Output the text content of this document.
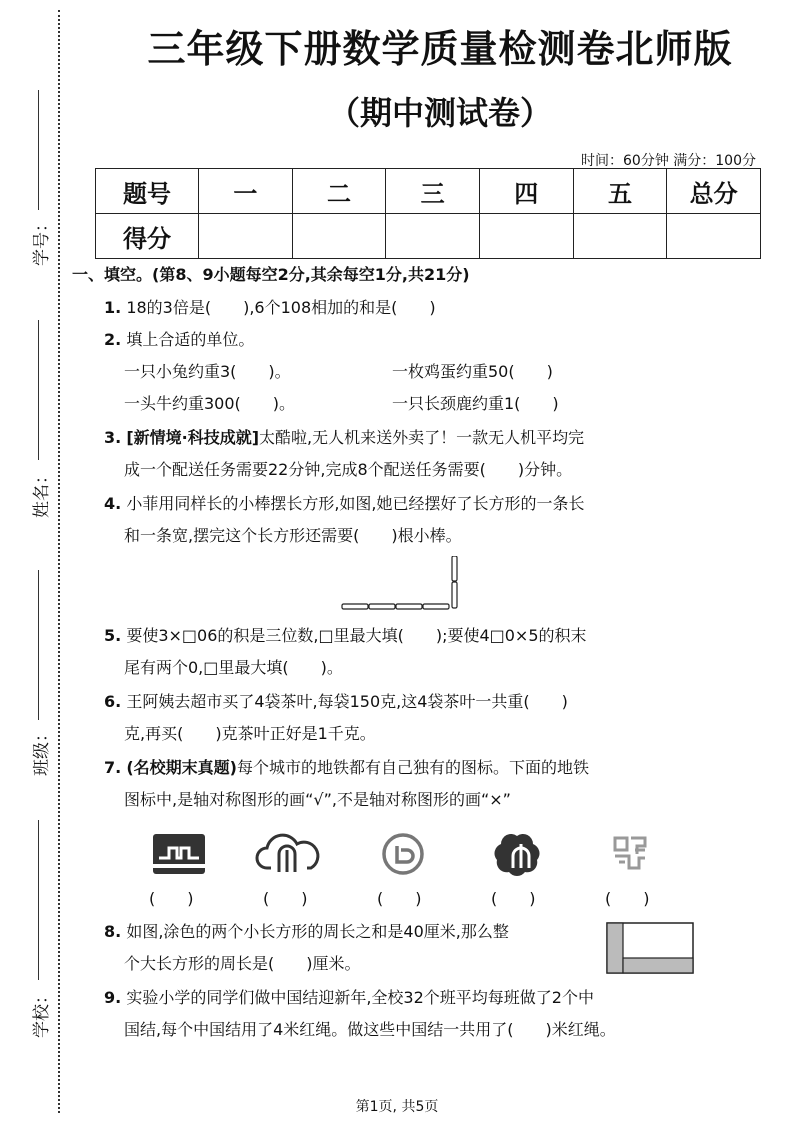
学号：
姓名：
班级：
学校：
三年级下册数学质量检测卷北师版
（期中测试卷）
时间：60分钟 满分：100分
题号	一	二	三	四	五	总分
得分						
一、填空。(第8、9小题每空2分,其余每空1分,共21分)
1. 18的3倍是(　　),6个108相加的和是(　　)
2. 填上合适的单位。
一只小兔约重3(　　)。	一枚鸡蛋约重50(　　)
一头牛约重300(　　)。	一只长颈鹿约重1(　　)
3. [新情境·科技成就]太酷啦,无人机来送外卖了！一款无人机平均完
成一个配送任务需要22分钟,完成8个配送任务需要(　　)分钟。
4. 小菲用同样长的小棒摆长方形,如图,她已经摆好了长方形的一条长
和一条宽,摆完这个长方形还需要(　　)根小棒。
5. 要使3×□06的积是三位数,□里最大填(　　);要使4□0×5的积末
尾有两个0,□里最大填(　　)。
6. 王阿姨去超市买了4袋茶叶,每袋150克,这4袋茶叶一共重(　　)
克,再买(　　)克茶叶正好是1千克。
7. (名校期末真题)每个城市的地铁都有自己独有的图标。下面的地铁
图标中,是轴对称图形的画“√”,不是轴对称图形的画“×”
(　　)	(　　)	(　　)	(　　)	(　　)
8. 如图,涂色的两个小长方形的周长之和是40厘米,那么整
个大长方形的周长是(　　)厘米。
9. 实验小学的同学们做中国结迎新年,全校32个班平均每班做了2个中
国结,每个中国结用了4米红绳。做这些中国结一共用了(　　)米红绳。
第1页, 共5页
